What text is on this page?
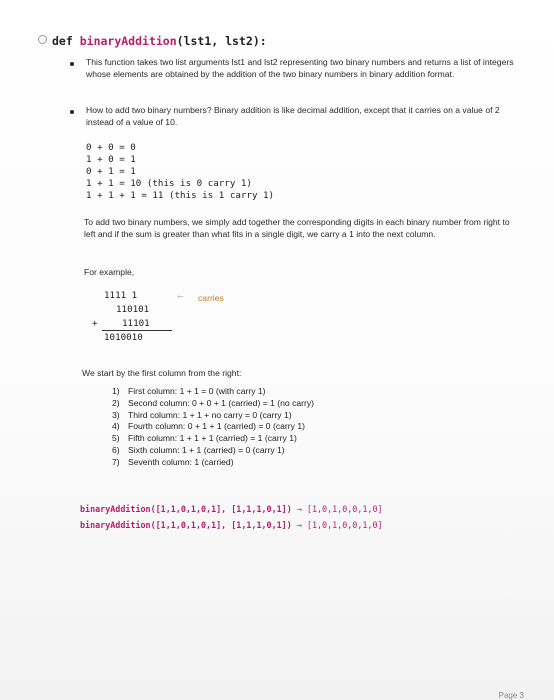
def binaryAddition(lst1, lst2):
This function takes two list arguments lst1 and lst2 representing two binary numbers and returns a list of integers whose elements are obtained by the addition of the two binary numbers in binary addition format.
How to add two binary numbers? Binary addition is like decimal addition, except that it carries on a value of 2 instead of a value of 10.
0 + 0 = 0
1 + 0 = 1
0 + 1 = 1
1 + 1 = 10 (this is 0 carry 1)
1 + 1 + 1 = 11 (this is 1 carry 1)
To add two binary numbers, we simply add together the corresponding digits in each binary number from right to left and if the sum is greater than what fits in a single digit, we carry a 1 into the next column.
For example,
1111 1	← carries
110101
+	11101
1010010
We start by the first column from the right:
1) First column: 1 + 1 = 0 (with carry 1)
2) Second column: 0 + 0 + 1 (carried) = 1 (no carry)
3) Third column: 1 + 1 + no carry = 0 (carry 1)
4) Fourth column: 0 + 1 + 1 (carried) = 0 (carry 1)
5) Fifth column: 1 + 1 + 1 (carried) = 1 (carry 1)
6) Sixth column: 1 + 1 (carried) = 0 (carry 1)
7) Seventh column: 1 (carried)
binaryAddition([1,1,0,1,0,1], [1,1,1,0,1]) → [1,0,1,0,0,1,0]
binaryAddition([1,1,0,1,0,1], [1,1,1,0,1]) → [1,0,1,0,0,1,0]
Page 3
